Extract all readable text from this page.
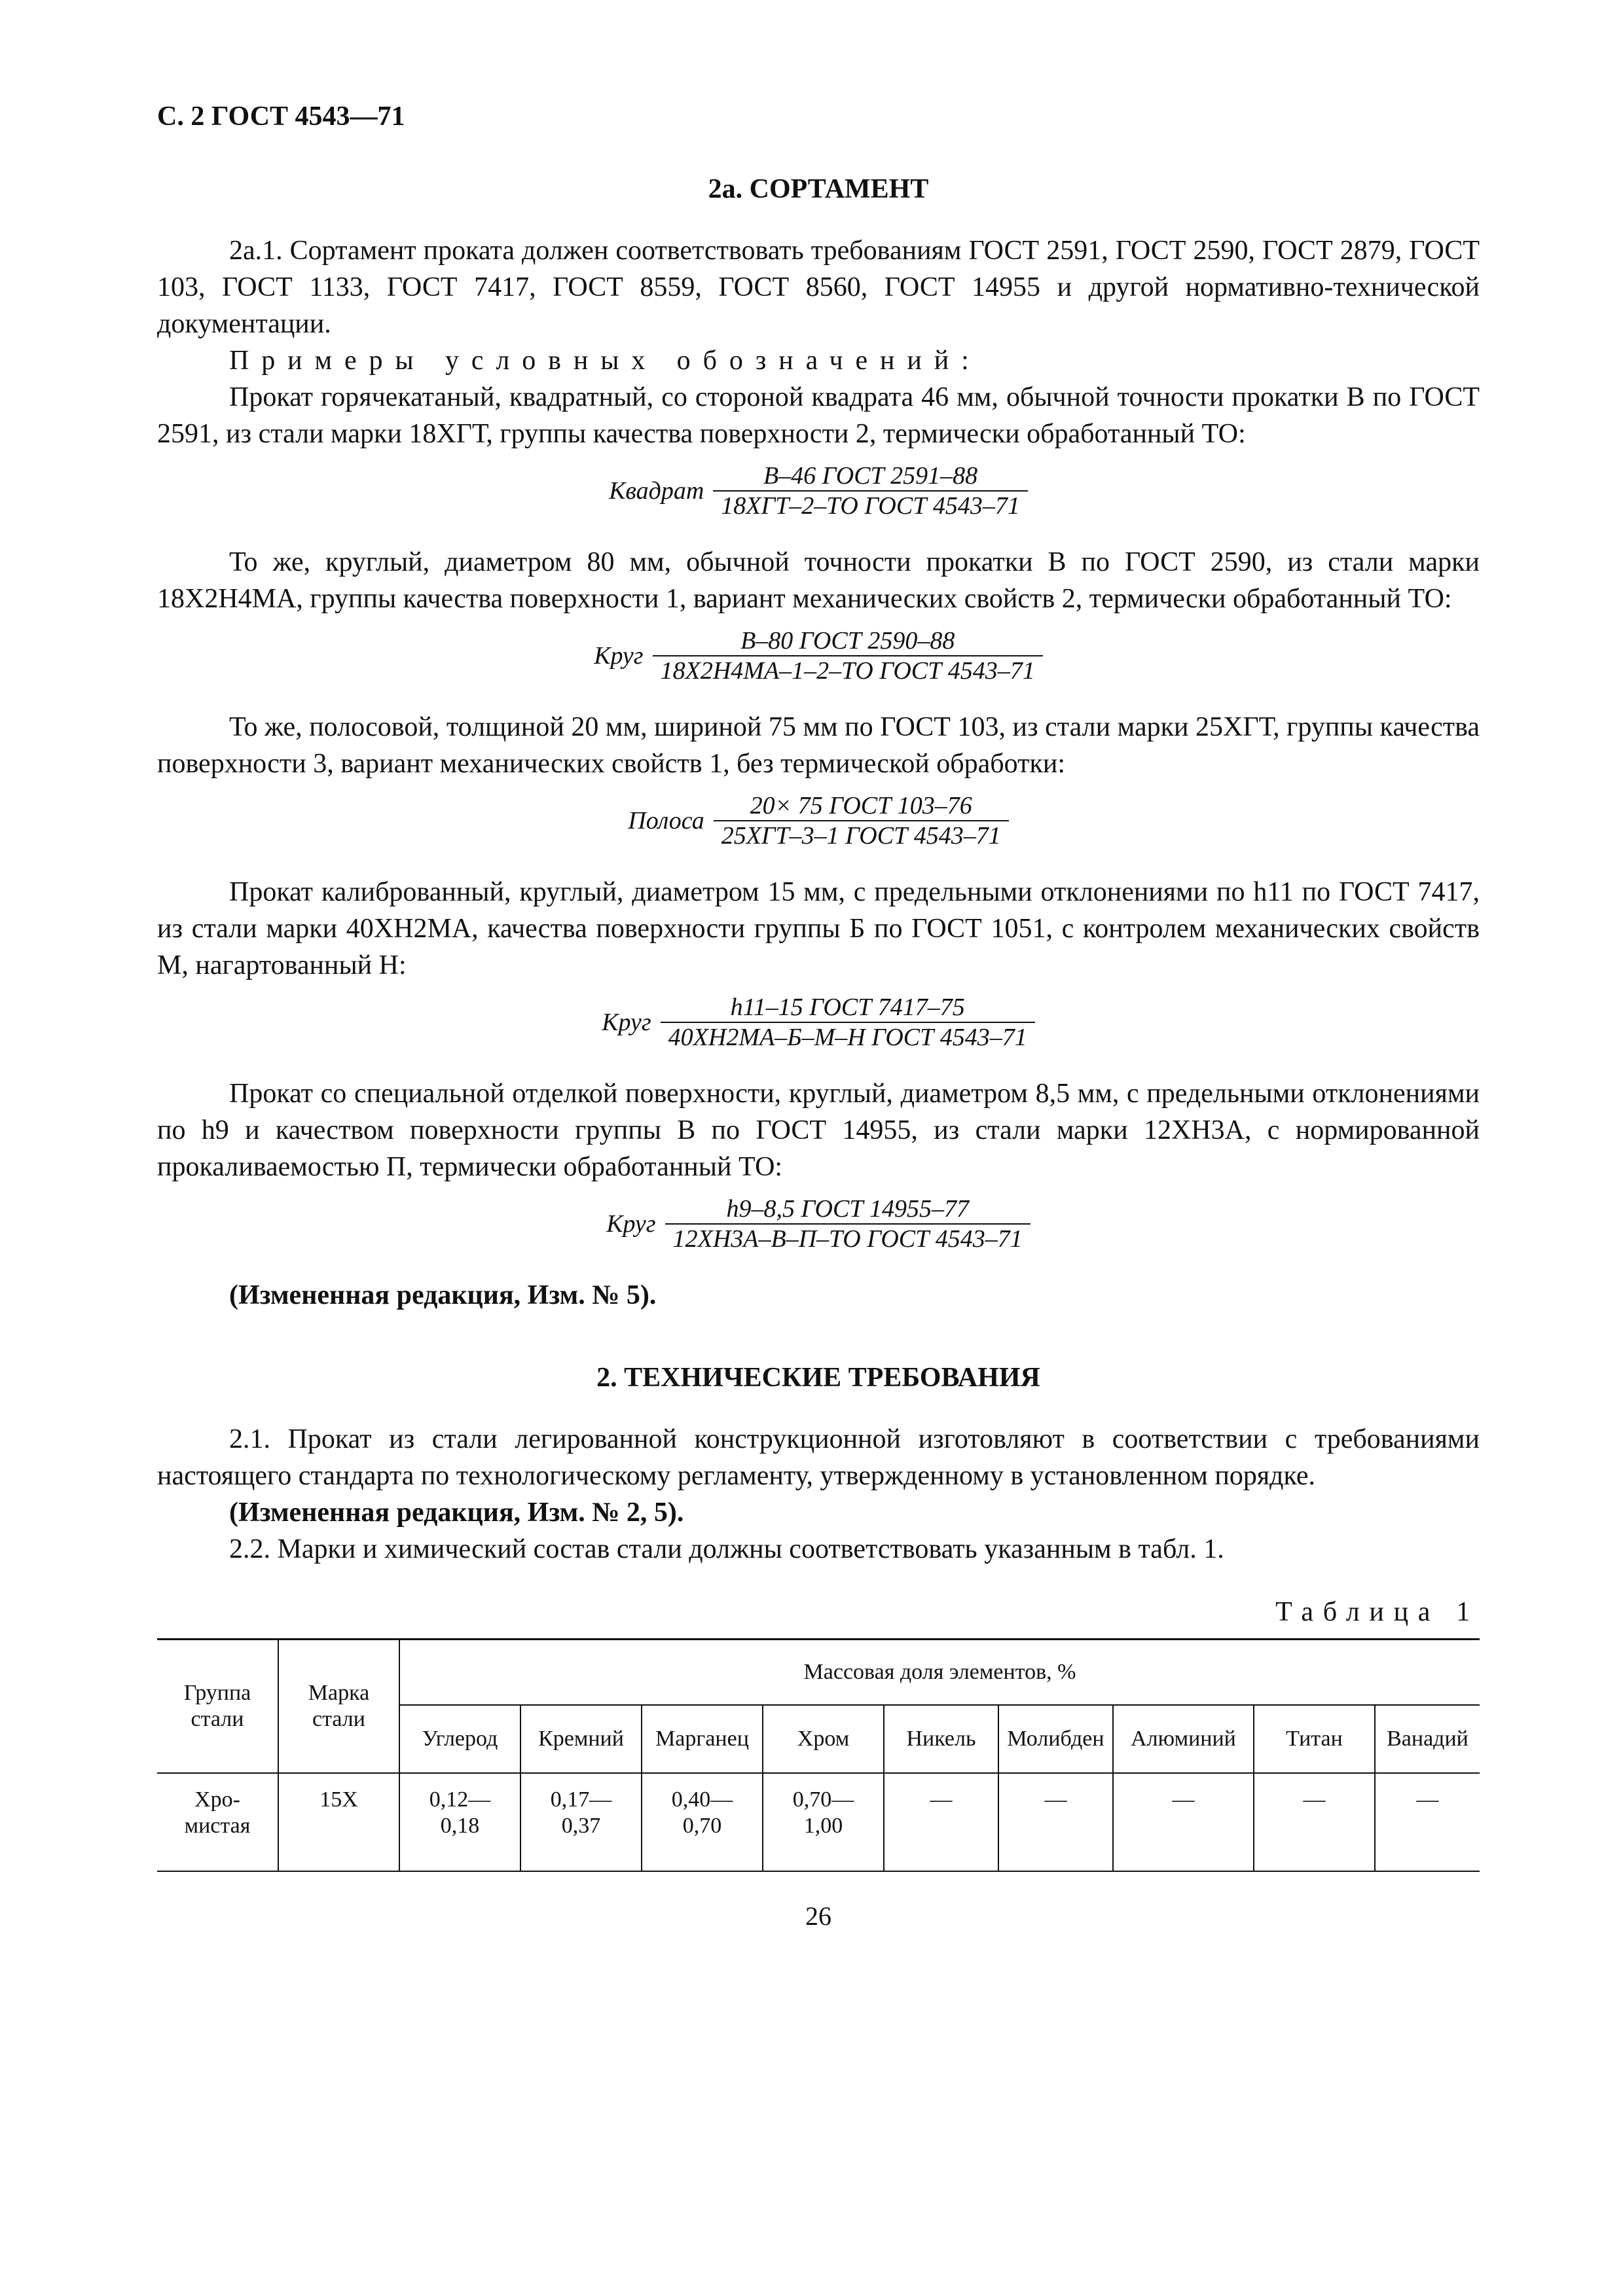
С. 2 ГОСТ 4543—71
2а. СОРТАМЕНТ

2а.1. Сортамент проката должен соответствовать требованиям ГОСТ 2591, ГОСТ 2590, ГОСТ 2879, ГОСТ 103, ГОСТ 1133, ГОСТ 7417, ГОСТ 8559, ГОСТ 8560, ГОСТ 14955 и другой нормативно-технической документации.

Примеры условных обозначений:

Прокат горячекатаный, квадратный, со стороной квадрата 46 мм, обычной точности прокатки В по ГОСТ 2591, из стали марки 18ХГТ, группы качества поверхности 2, термически обработанный ТО:

Квадрат $\frac{\text{В–46 ГОСТ 2591–88}}{\text{18ХГТ–2–ТО ГОСТ 4543–71}}$

То же, круглый, диаметром 80 мм, обычной точности прокатки В по ГОСТ 2590, из стали марки 18Х2Н4МА, группы качества поверхности 1, вариант механических свойств 2, термически обработанный ТО:

Круг $\frac{\text{В–80 ГОСТ 2590–88}}{\text{18Х2Н4МА–1–2–ТО ГОСТ 4543–71}}$

То же, полосовой, толщиной 20 мм, шириной 75 мм по ГОСТ 103, из стали марки 25ХГТ, группы качества поверхности 3, вариант механических свойств 1, без термической обработки:

Полоса $\frac{\text{20× 75 ГОСТ 103–76}}{\text{25ХГТ–3–1 ГОСТ 4543–71}}$

Прокат калиброванный, круглый, диаметром 15 мм, с предельными отклонениями по h11 по ГОСТ 7417, из стали марки 40ХН2МА, качества поверхности группы Б по ГОСТ 1051, с контролем механических свойств М, нагартованный Н:

Круг $\frac{\text{h11–15 ГОСТ 7417–75}}{\text{40ХН2МА–Б–М–Н ГОСТ 4543–71}}$

Прокат со специальной отделкой поверхности, круглый, диаметром 8,5 мм, с предельными отклонениями по h9 и качеством поверхности группы В по ГОСТ 14955, из стали марки 12ХН3А, с нормированной прокаливаемостью П, термически обработанный ТО:

Круг $\frac{\text{h9–8,5 ГОСТ 14955–77}}{\text{12ХН3А–В–П–ТО ГОСТ 4543–71}}$

(Измененная редакция, Изм. № 5).

2. ТЕХНИЧЕСКИЕ ТРЕБОВАНИЯ

2.1. Прокат из стали легированной конструкционной изготовляют в соответствии с требованиями настоящего стандарта по технологическому регламенту, утвержденному в установленном порядке.

(Измененная редакция, Изм. № 2, 5).

2.2. Марки и химический состав стали должны соответствовать указанным в табл. 1.

Таблица 1
Группа стали	Марка стали	Массовая доля элементов, %								
		Углерод	Кремний	Марганец	Хром	Никель	Молибден	Алюминий	Титан	Ванадий
Хро- мистая	15Х	0,12— 0,18	0,17— 0,37	0,40— 0,70	0,70— 1,00	—	—	—	—	—
26
